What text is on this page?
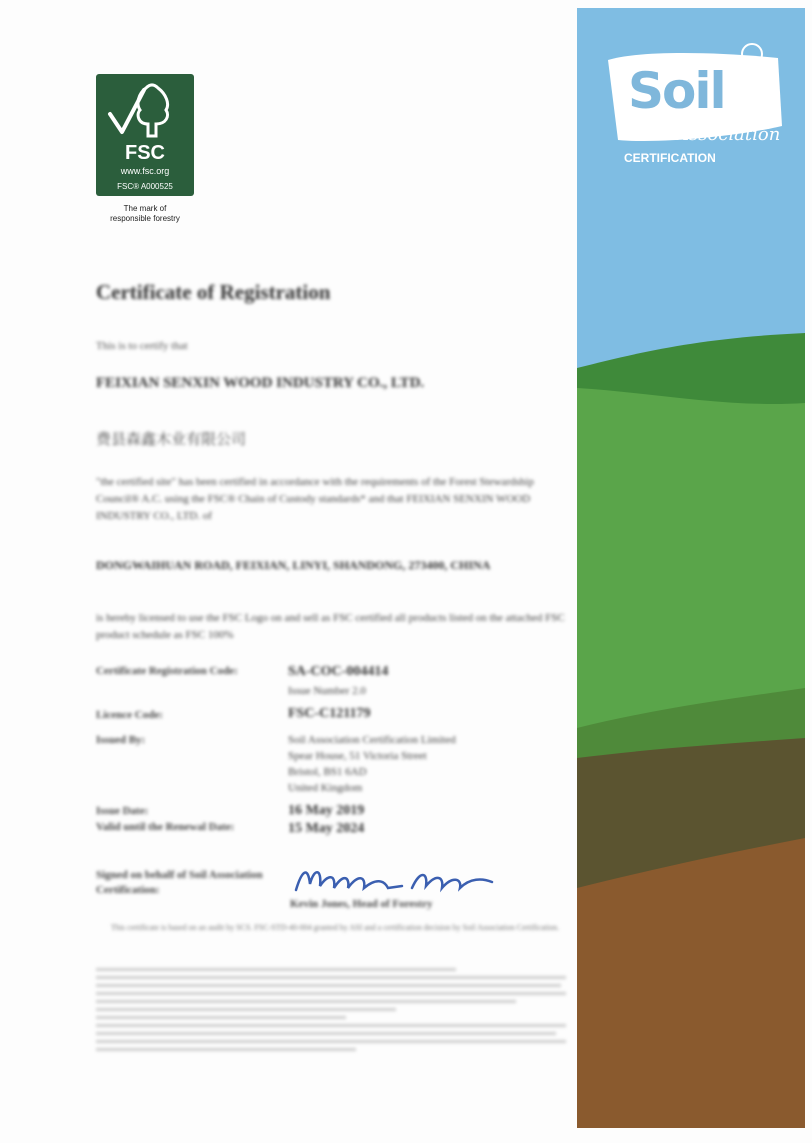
Soil
Association
CERTIFICATION
FSC
www.fsc.org
FSC® A000525
The mark of
responsible forestry
Certificate of Registration
This is to certify that
FEIXIAN SENXIN WOOD INDUSTRY CO., LTD.
费县森鑫木业有限公司
"the certified site" has been certified in accordance with the requirements of the Forest Stewardship Council® A.C. using the FSC® Chain of Custody standards* and that FEIXIAN SENXIN WOOD INDUSTRY CO., LTD. of
DONGWAIHUAN ROAD, FEIXIAN, LINYI, SHANDONG, 273400, CHINA
is hereby licensed to use the FSC Logo on and sell as FSC certified all products listed on the attached FSC product schedule as FSC 100%
Certificate Registration Code:	SA-COC-004414
Issue Number 2.0
Licence Code:	FSC-C121179
Issued By:	Soil Association Certification Limited
Spear House, 51 Victoria Street
Bristol, BS1 6AD
United Kingdom
Issue Date:	16 May 2019
Valid until the Renewal Date:	15 May 2024
Signed on behalf of Soil Association Certification:
Kevin Jones, Head of Forestry
This certificate is based on an audit by SCS. FSC-STD-40-004 granted by ASI and a certification decision by Soil Association Certification.
